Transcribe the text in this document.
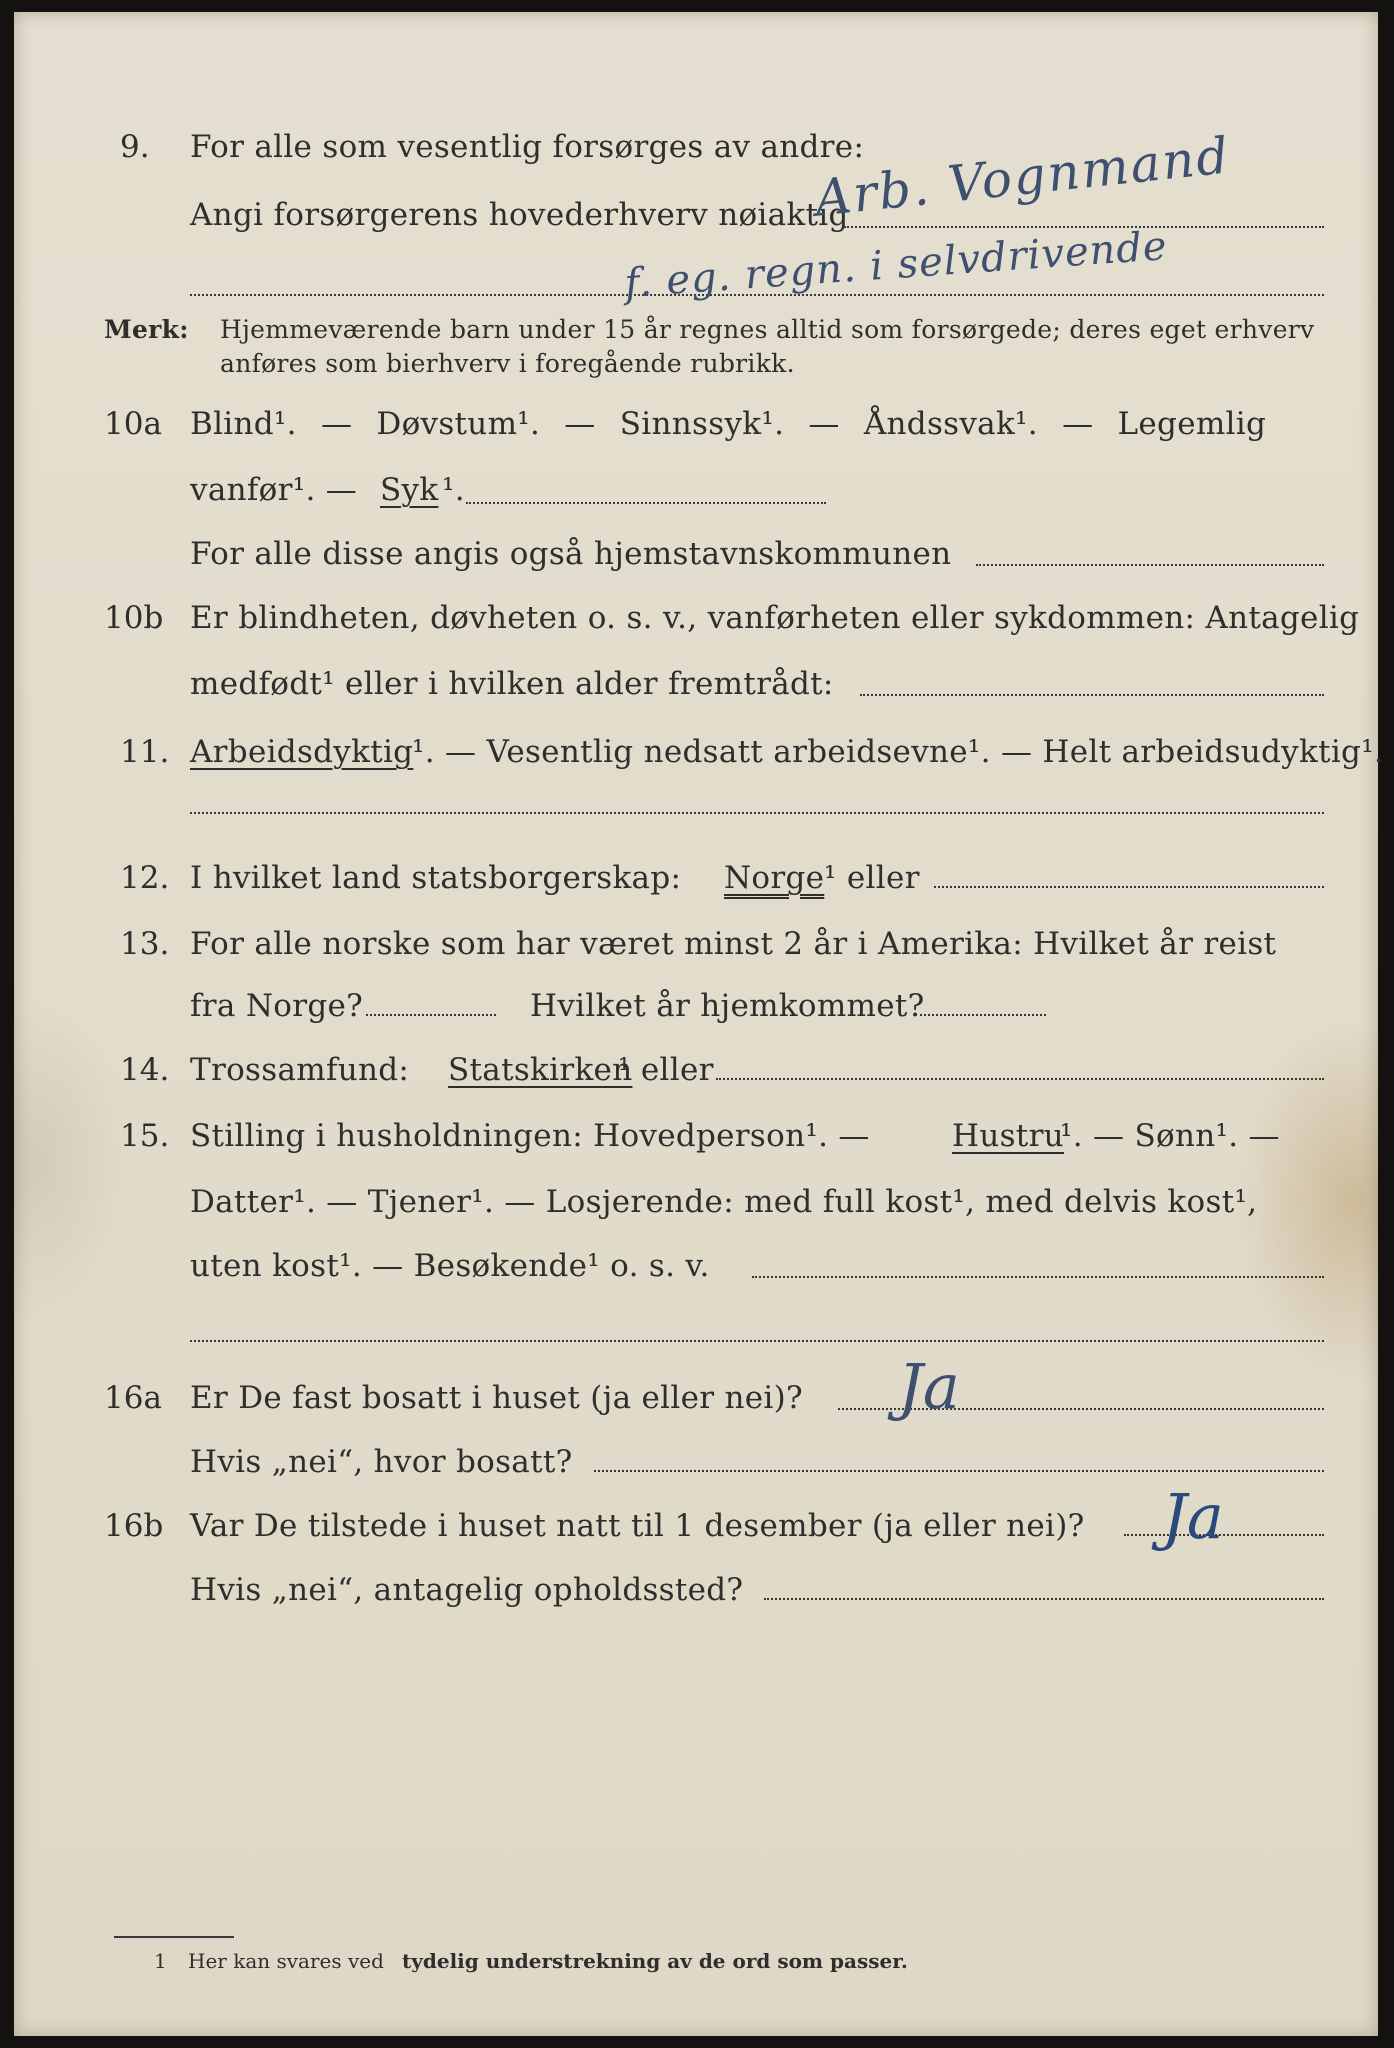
9. For alle som vesentlig forsørges av andre:
Angi forsørgerens hovederhverv nøiaktig
Arb. Vognmand
f. eg. regn. i selvdrivende
Merk: Hjemmeværende barn under 15 år regnes alltid som forsørgede; deres eget erhverv
anføres som bierhverv i foregående rubrikk.
10a Blind¹. — Døvstum¹. — Sinnssyk¹. — Åndssvak¹. — Legemlig
vanfør¹. — Syk ¹.
For alle disse angis også hjemstavnskommunen
10b Er blindheten, døvheten o. s. v., vanførheten eller sykdommen: Antagelig
medfødt¹ eller i hvilken alder fremtrådt:
11. Arbeidsdyktig
¹. — Vesentlig nedsatt arbeidsevne¹. — Helt arbeidsudyktig¹.
12. I hvilket land statsborgerskap: Norge ¹ eller
13. For alle norske som har været minst 2 år i Amerika: Hvilket år reist
fra Norge?	Hvilket år hjemkommet?
14. Trossamfund: Statskirken
¹ eller
15. Stilling i husholdningen: Hovedperson¹. —	Hustru
¹. — Sønn¹. —
Datter¹. — Tjener¹. — Losjerende: med full kost¹, med delvis kost¹,
uten kost¹. — Besøkende¹ o. s. v.
16a Er De fast bosatt i huset (ja eller nei)? Ja
Hvis „nei“, hvor bosatt?
16b Var De tilstede i huset natt til 1 desember (ja eller nei)? Ja
Hvis „nei“, antagelig opholdssted?
1 Her kan svares ved tydelig understrekning av de ord som passer.
